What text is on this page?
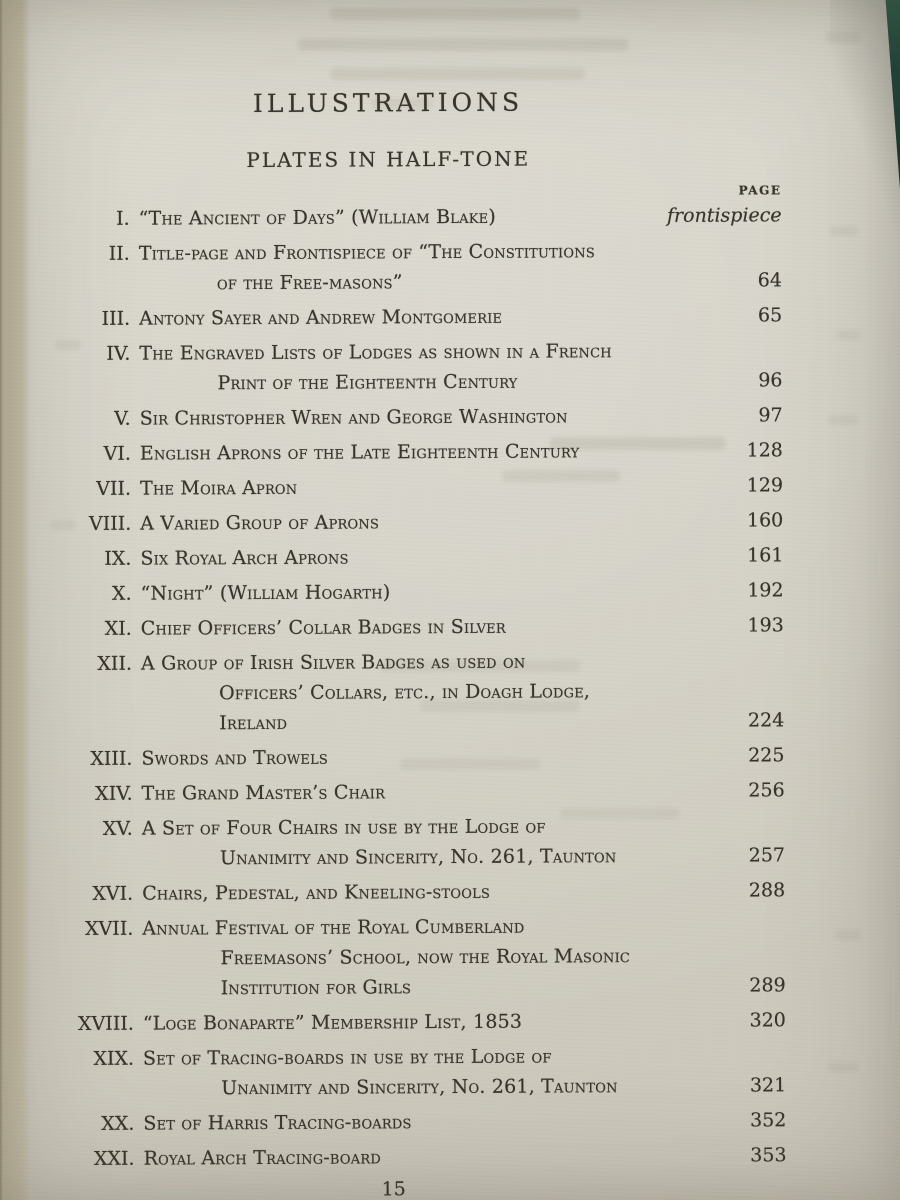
ILLUSTRATIONS
PLATES IN HALF-TONE
PAGE
I. “The Ancient of Days” (William Blake)	frontispiece
II. Title-page and Frontispiece of “The Constitutions
of the Free-masons”	64
III. Antony Sayer and Andrew Montgomerie	65
IV. The Engraved Lists of Lodges as shown in a French
Print of the Eighteenth Century	96
V. Sir Christopher Wren and George Washington	97
VI. English Aprons of the Late Eighteenth Century	128
VII. The Moira Apron	129
VIII. A Varied Group of Aprons	160
IX. Six Royal Arch Aprons	161
X. “Night” (William Hogarth)	192
XI. Chief Officers’ Collar Badges in Silver	193
XII. A Group of Irish Silver Badges as used on
Officers’ Collars, etc., in Doagh Lodge,
Ireland	224
XIII. Swords and Trowels	225
XIV. The Grand Master’s Chair	256
XV. A Set of Four Chairs in use by the Lodge of
Unanimity and Sincerity, No. 261, Taunton	257
XVI. Chairs, Pedestal, and Kneeling-stools	288
XVII. Annual Festival of the Royal Cumberland
Freemasons’ School, now the Royal Masonic
Institution for Girls	289
XVIII. “Loge Bonaparte” Membership List, 1853	320
XIX. Set of Tracing-boards in use by the Lodge of
Unanimity and Sincerity, No. 261, Taunton	321
XX. Set of Harris Tracing-boards	352
XXI. Royal Arch Tracing-board	353
15
